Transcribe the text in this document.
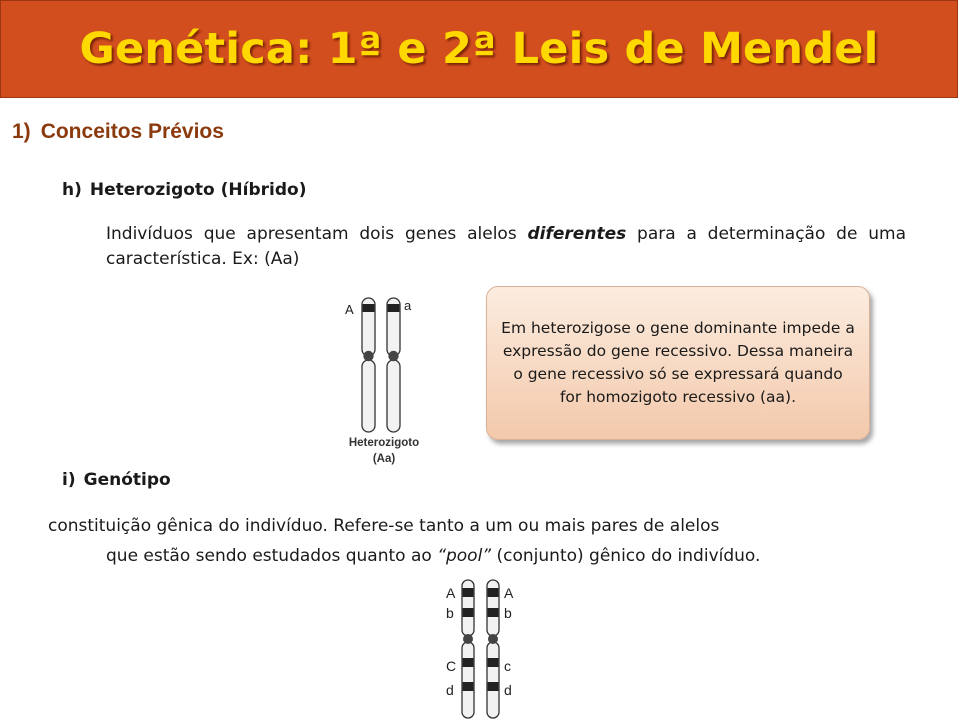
Genética: 1ª e 2ª Leis de Mendel
1) Conceitos Prévios
h) Heterozigoto (Híbrido)
Indivíduos que apresentam dois genes alelos diferentes para a determinação de uma característica. Ex: (Aa)
A	a
Heterozigoto
(Aa)
Em heterozigose o gene dominante impede a expressão do gene recessivo. Dessa maneira o gene recessivo só se expressará quando for homozigoto recessivo (aa).
i) Genótipo
constituição gênica do indivíduo. Refere-se tanto a um ou mais pares de alelos
que estão sendo estudados quanto ao “pool” (conjunto) gênico do indivíduo.
A
b
C
d
A
b
c
d
